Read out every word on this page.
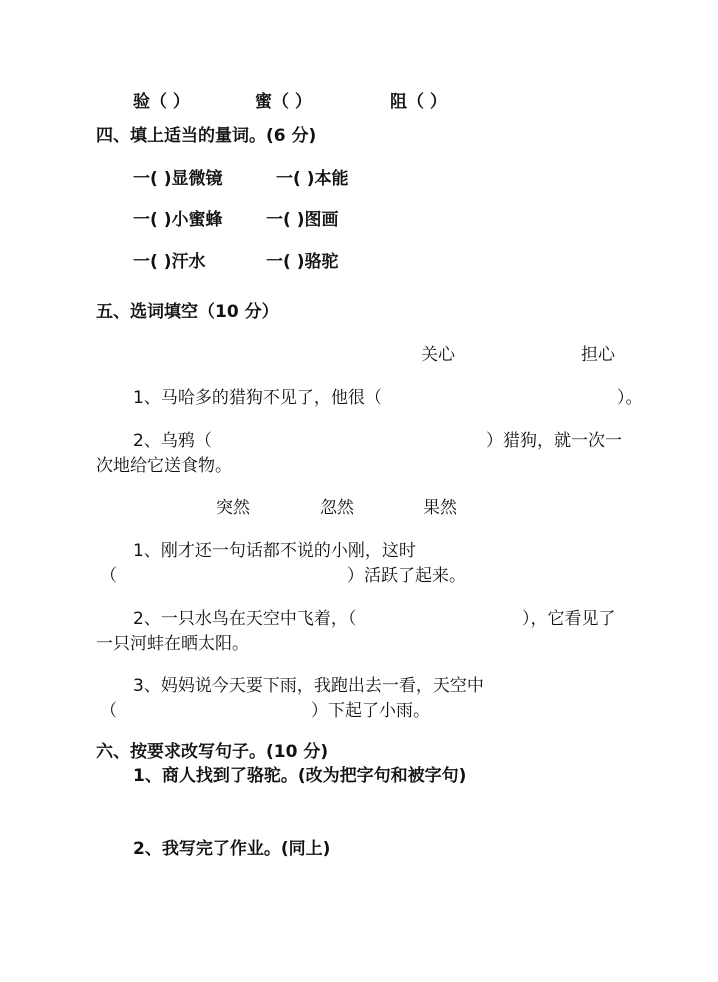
验（ ）	蜜（ ）	阻（ ）
四、填上适当的量词。(6 分)
一( )显微镜	一( )本能
一( )小蜜蜂	一( )图画
一( )汗水	一( )骆驼
五、选词填空（10 分）
关心	担心
1、马哈多的猎狗不见了，他很（	）。
2、乌鸦（	）猎狗，就一次一
次地给它送食物。
突然	忽然	果然
1、刚才还一句话都不说的小刚，这时
（	）活跃了起来。
2、一只水鸟在天空中飞着，（	），它看见了
一只河蚌在晒太阳。
3、妈妈说今天要下雨，我跑出去一看，天空中
（	）下起了小雨。
六、按要求改写句子。(10 分)
1、商人找到了骆驼。(改为把字句和被字句)
2、我写完了作业。(同上)
